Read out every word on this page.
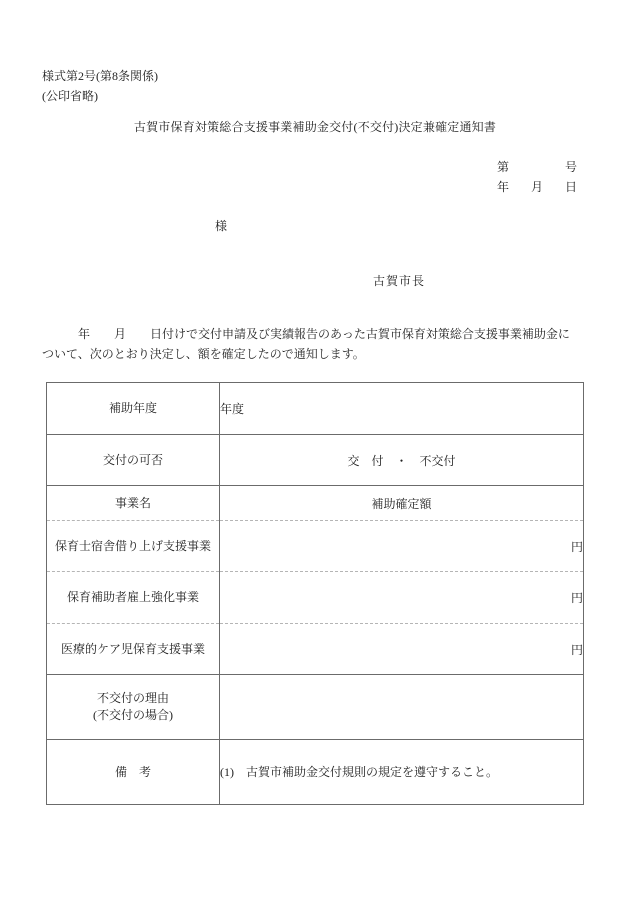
様式第2号(第8条関係)
(公印省略)
古賀市保育対策総合支援事業補助金交付(不交付)決定兼確定通知書
第	号
年 月 日
様
古賀市長
　　　年　　月　　日付けで交付申請及び実績報告のあった古賀市保育対策総合支援事業補助金に
ついて、次のとおり決定し、額を確定したので通知します。
補助年度	年度
交付の可否	交　付　・　不交付
事業名	補助確定額
保育士宿舎借り上げ支援事業	円
保育補助者雇上強化事業	円
医療的ケア児保育支援事業	円

不交付の理由
(不交付の場合)	

備　考	(1)　古賀市補助金交付規則の規定を遵守すること。
